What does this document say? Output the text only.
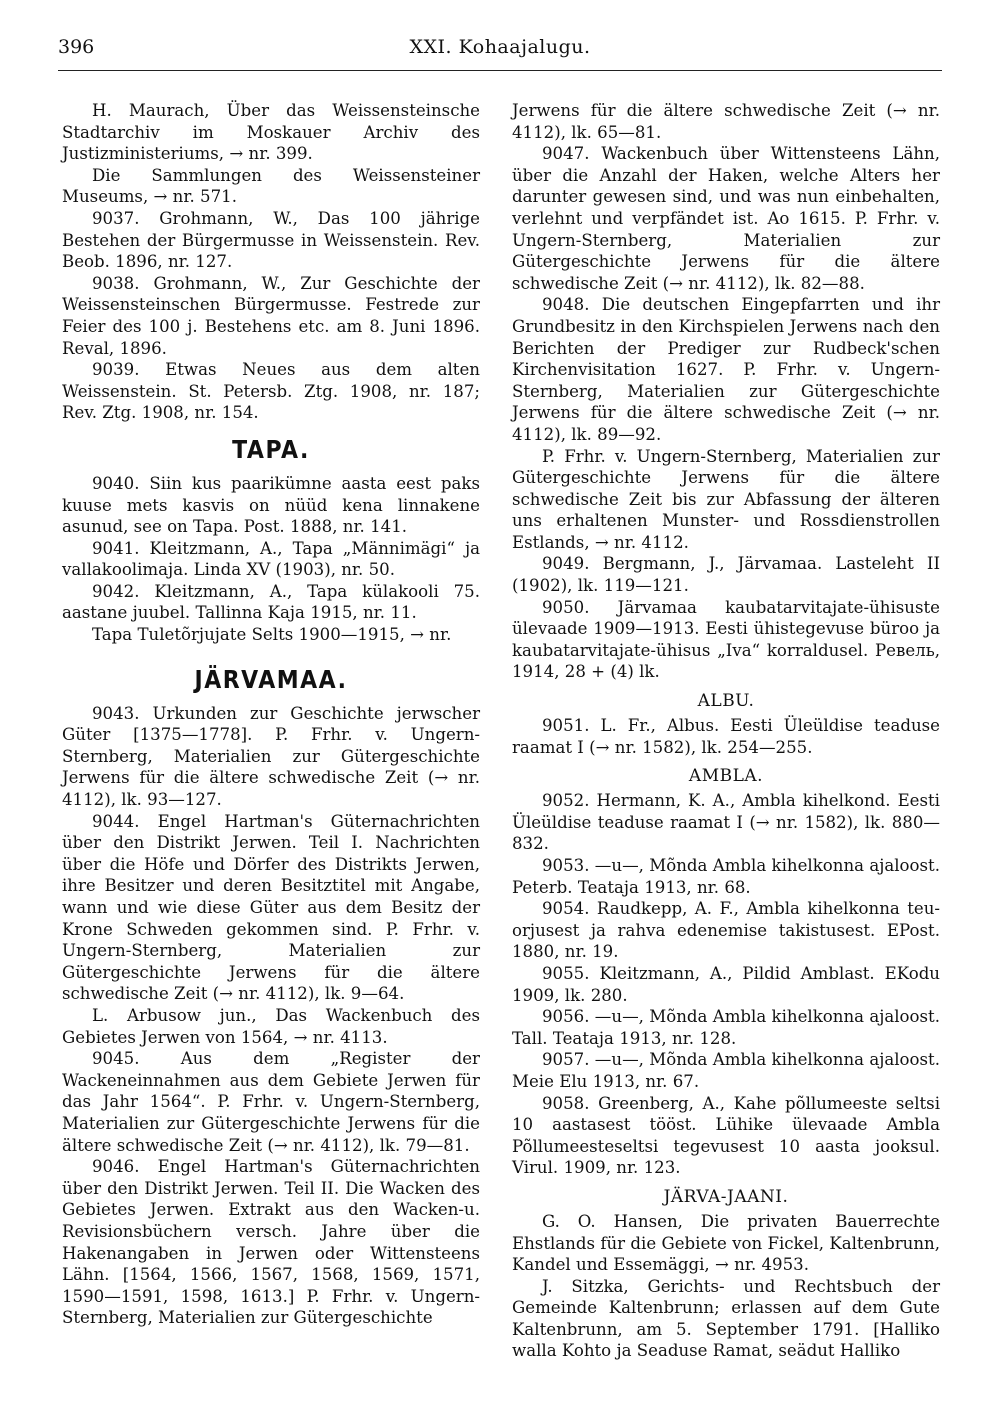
396	XXI. Kohaajalugu.

H. Maurach, Über das Weissensteinsche Stadtarchiv im Moskauer Archiv des Justizministeriums, → nr. 399.

Die Sammlungen des Weissensteiner Museums, → nr. 571.

9037. Grohmann, W., Das 100 jährige Bestehen der Bürgermusse in Weissenstein. Rev. Beob. 1896, nr. 127.

9038. Grohmann, W., Zur Geschichte der Weissensteinschen Bürgermusse. Festrede zur Feier des 100 j. Bestehens etc. am 8. Juni 1896. Reval, 1896.

9039. Etwas Neues aus dem alten Weissenstein. St. Petersb. Ztg. 1908, nr. 187; Rev. Ztg. 1908, nr. 154.

TAPA.

9040. Siin kus paarikümne aasta eest paks kuuse mets kasvis on nüüd kena linnakene asunud, see on Tapa. Post. 1888, nr. 141.

9041. Kleitzmann, A., Tapa „Männimägi“ ja vallakoolimaja. Linda XV (1903), nr. 50.

9042. Kleitzmann, A., Tapa külakooli 75. aastane juubel. Tallinna Kaja 1915, nr. 11.

Tapa Tuletõrjujate Selts 1900—1915, → nr.

JÄRVAMAA.

9043. Urkunden zur Geschichte jerwscher Güter [1375—1778]. P. Frhr. v. Ungern-Sternberg, Materialien zur Gütergeschichte Jerwens für die ältere schwedische Zeit (→ nr. 4112), lk. 93—127.

9044. Engel Hartman's Güternachrichten über den Distrikt Jerwen. Teil I. Nachrichten über die Höfe und Dörfer des Distrikts Jerwen, ihre Besitzer und deren Besitztitel mit Angabe, wann und wie diese Güter aus dem Besitz der Krone Schweden gekommen sind. P. Frhr. v. Ungern-Sternberg, Materialien zur Gütergeschichte Jerwens für die ältere schwedische Zeit (→ nr. 4112), lk. 9—64.

L. Arbusow jun., Das Wackenbuch des Gebietes Jerwen von 1564, → nr. 4113.

9045. Aus dem „Register der Wackeneinnahmen aus dem Gebiete Jerwen für das Jahr 1564“. P. Frhr. v. Ungern-Sternberg, Materialien zur Gütergeschichte Jerwens für die ältere schwedische Zeit (→ nr. 4112), lk. 79—81.

9046. Engel Hartman's Güternachrichten über den Distrikt Jerwen. Teil II. Die Wacken des Gebietes Jerwen. Extrakt aus den Wacken-u. Revisionsbüchern versch. Jahre über die Hakenangaben in Jerwen oder Wittensteens Lähn. [1564, 1566, 1567, 1568, 1569, 1571, 1590—1591, 1598, 1613.] P. Frhr. v. Ungern-Sternberg, Materialien zur Gütergeschichte

Jerwens für die ältere schwedische Zeit (→ nr. 4112), lk. 65—81.

9047. Wackenbuch über Wittensteens Lähn, über die Anzahl der Haken, welche Alters her darunter gewesen sind, und was nun einbehalten, verlehnt und verpfändet ist. Ao 1615. P. Frhr. v. Ungern-Sternberg, Materialien zur Gütergeschichte Jerwens für die ältere schwedische Zeit (→ nr. 4112), lk. 82—88.

9048. Die deutschen Eingepfarrten und ihr Grundbesitz in den Kirchspielen Jerwens nach den Berichten der Prediger zur Rudbeck'schen Kirchenvisitation 1627. P. Frhr. v. Ungern-Sternberg, Materialien zur Gütergeschichte Jerwens für die ältere schwedische Zeit (→ nr. 4112), lk. 89—92.

P. Frhr. v. Ungern-Sternberg, Materialien zur Gütergeschichte Jerwens für die ältere schwedische Zeit bis zur Abfassung der älteren uns erhaltenen Munster- und Rossdienstrollen Estlands, → nr. 4112.

9049. Bergmann, J., Järvamaa. Lasteleht II (1902), lk. 119—121.

9050. Järvamaa kaubatarvitajate-ühisuste ülevaade 1909—1913. Eesti ühistegevuse büroo ja kaubatarvitajate-ühisus „Iva“ korraldusel. Ревель, 1914, 28 + (4) lk.

ALBU.

9051. L. Fr., Albus. Eesti Üleüldise teaduse raamat I (→ nr. 1582), lk. 254—255.

AMBLA.

9052. Hermann, K. A., Ambla kihelkond. Eesti Üleüldise teaduse raamat I (→ nr. 1582), lk. 880—832.

9053. —u—, Mõnda Ambla kihelkonna ajaloost. Peterb. Teataja 1913, nr. 68.

9054. Raudkepp, A. F., Ambla kihelkonna teu-orjusest ja rahva edenemise takistusest. EPost. 1880, nr. 19.

9055. Kleitzmann, A., Pildid Amblast. EKodu 1909, lk. 280.

9056. —u—, Mõnda Ambla kihelkonna ajaloost. Tall. Teataja 1913, nr. 128.

9057. —u—, Mõnda Ambla kihelkonna ajaloost. Meie Elu 1913, nr. 67.

9058. Greenberg, A., Kahe põllumeeste seltsi 10 aastasest tööst. Lühike ülevaade Ambla Põllumeesteseltsi tegevusest 10 aasta jooksul. Virul. 1909, nr. 123.

JÄRVA-JAANI.

G. O. Hansen, Die privaten Bauerrechte Ehstlands für die Gebiete von Fickel, Kaltenbrunn, Kandel und Essemäggi, → nr. 4953.

J. Sitzka, Gerichts- und Rechtsbuch der Gemeinde Kaltenbrunn; erlassen auf dem Gute Kaltenbrunn, am 5. September 1791. [Halliko walla Kohto ja Seaduse Ramat, seädut Halliko
